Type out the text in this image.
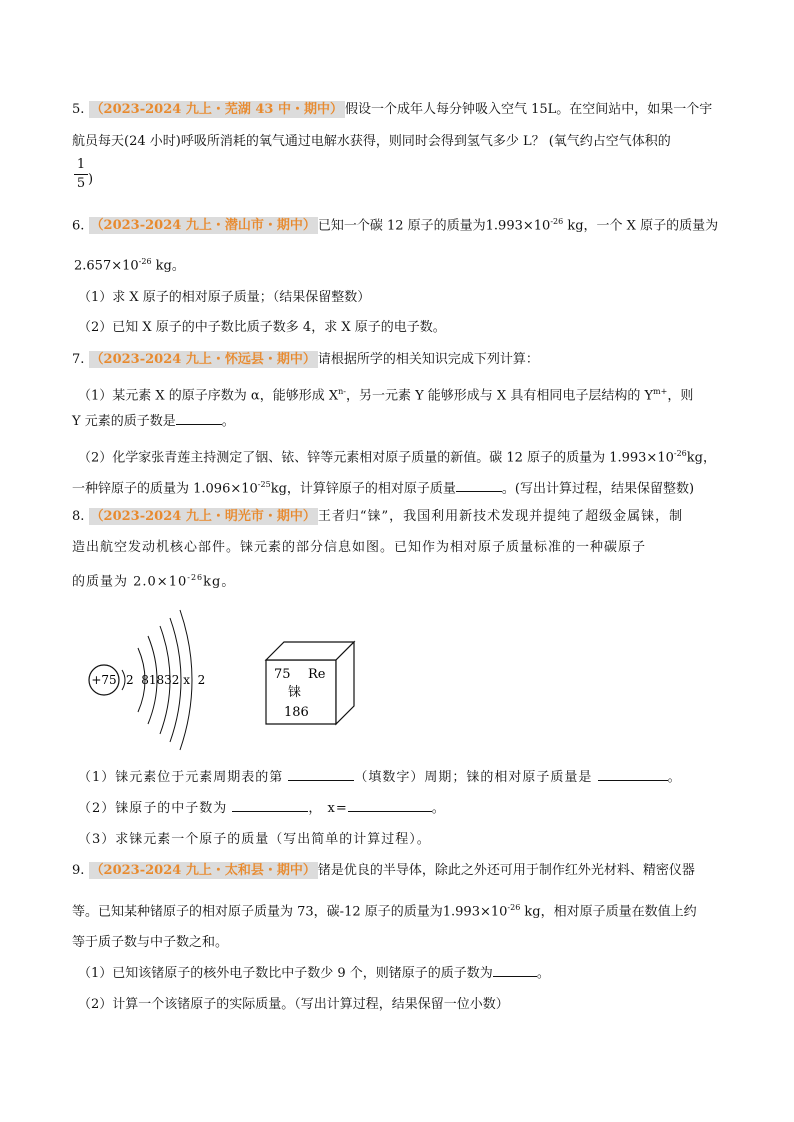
5. （2023-2024 九上・芜湖 43 中・期中） 假设一个成年人每分钟吸入空气 15L。在空间站中，如果一个宇
航员每天(24 小时)呼吸所消耗的氧气通过电解水获得，则同时会得到氢气多少 L？ (氧气约占空气体积的
1
5 )
6. （2023-2024 九上・潜山市・期中） 已知一个碳 12 原子的质量为$1.993\times 10^{-26}$ kg，一个 X 原子的质量为
$2.657\times 10^{-26}$ kg。
（1）求 X 原子的相对原子质量；（结果保留整数）
（2）已知 X 原子的中子数比质子数多 4，求 X 原子的电子数。
7. （2023-2024 九上・怀远县・期中） 请根据所学的相关知识完成下列计算：
（1）某元素 X 的原子序数为 α，能够形成 $X^{n-}$，另一元素 Y 能够形成与 X 具有相同电子层结构的 $Y^{m+}$，则
Y 元素的质子数是	。
（2）化学家张青莲主持测定了铟、铱、锌等元素相对原子质量的新值。碳 12 原子的质量为 $1.993\times 10^{-26}kg$，
一种锌原子的质量为 $1.096\times 10^{-25}kg$，计算锌原子的相对原子质量	。(写出计算过程，结果保留整数)
8. （2023-2024 九上・明光市・期中） 王者归“铼”，我国利用新技术发现并提纯了超级金属铼，制
造出航空发动机核心部件。铼元素的部分信息如图。已知作为相对原子质量标准的一种碳原子
的质量为 $2.0\times 10^{-26}kg$。
+75 2  81832 x  2	75 Re
铼
186
（1）铼元素位于元素周期表的第	（填数字）周期；铼的相对原子质量是	。
（2）铼原子的中子数为	， x=	。
（3）求铼元素一个原子的质量（写出简单的计算过程）。
9. （2023-2024 九上・太和县・期中） 锗是优良的半导体，除此之外还可用于制作红外光材料、精密仪器
等。已知某种锗原子的相对原子质量为 73，碳-12 原子的质量为$1.993\times 10^{-26}$ kg，相对原子质量在数值上约
等于质子数与中子数之和。
（1）已知该锗原子的核外电子数比中子数少 9 个，则锗原子的质子数为	。
（2）计算一个该锗原子的实际质量。（写出计算过程，结果保留一位小数）
